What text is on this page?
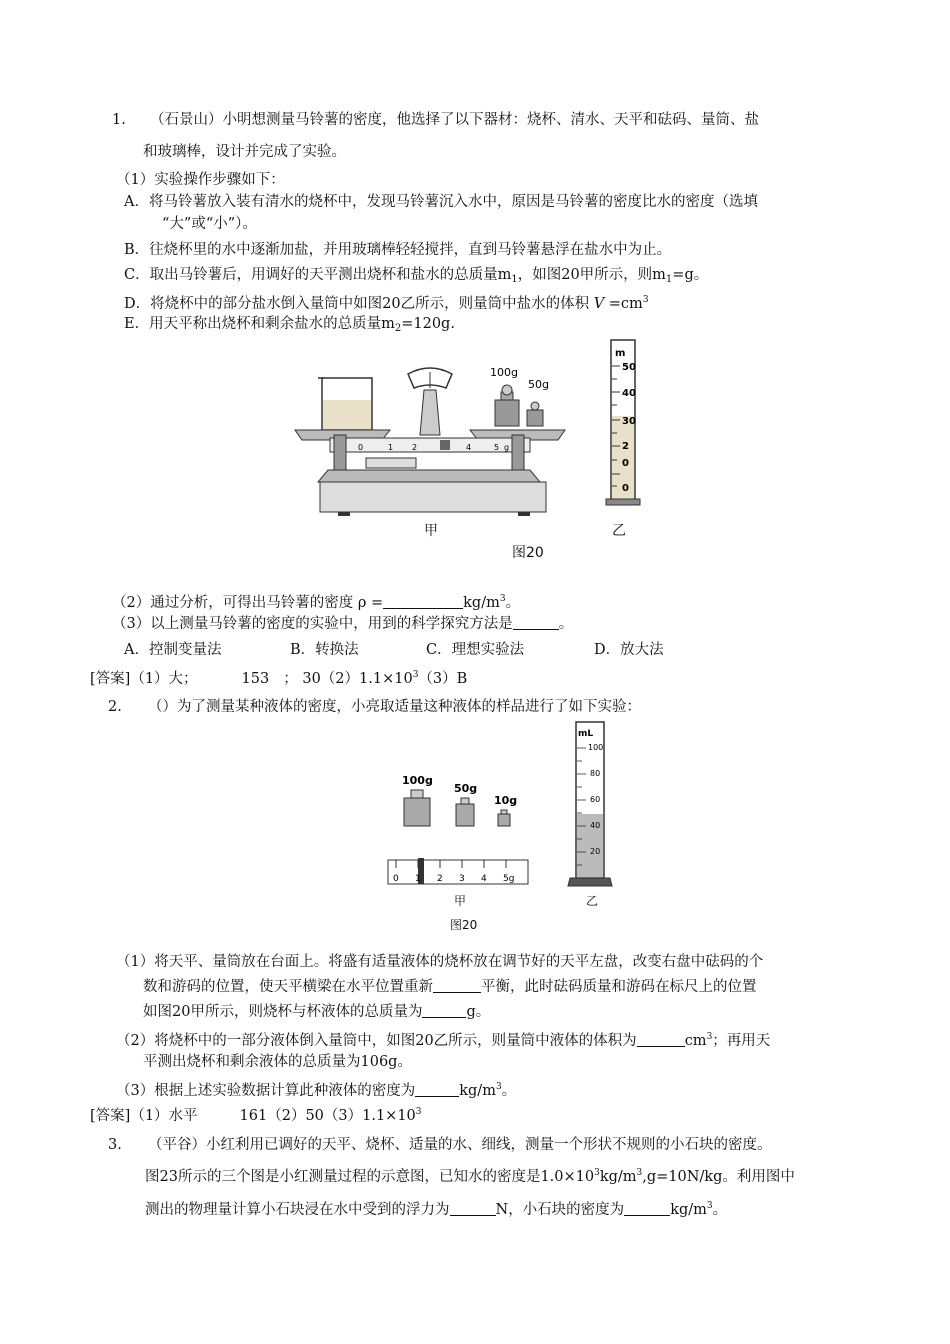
1. （石景山）小明想测量马铃薯的密度，他选择了以下器材：烧杯、清水、天平和砝码、量筒、盐
和玻璃棒，设计并完成了实验。
（1）实验操作步骤如下：
A．将马铃薯放入装有清水的烧杯中，发现马铃薯沉入水中，原因是马铃薯的密度比水的密度（选填
“大”或“小”）。
B．往烧杯里的水中逐渐加盐，并用玻璃棒轻轻搅拌，直到马铃薯悬浮在盐水中为止。
C．取出马铃薯后，用调好的天平测出烧杯和盐水的总质量$m_1$，如图20甲所示，则$m_1=g$。
D．将烧杯中的部分盐水倒入量筒中如图20乙所示，则量筒中盐水的体积 $V =cm^3$
E．用天平称出烧杯和剩余盐水的总质量$m_2=120g$.
100g
50g
0	1 2	4	5 g
m
50
40
30
2
0
0
甲	乙
图20
（2）通过分析，可得出马铃薯的密度 ρ =	$kg/m^3$。
（3）以上测量马铃薯的密度的实验中，用到的科学探究方法是	。
A．控制变量法	B．转换法	C．理想实验法	D．放大法
[答案]（1）大；	153 ； $30(2)1.1\times 10^3(3)B$
2. （）为了测量某种液体的密度，小亮取适量这种液体的样品进行了如下实验：
100g
50g
10g
0 1 2 3 4 5g
mL
100
80
60
40
20
甲	乙
图20
（1）将天平、量筒放在台面上。将盛有适量液体的烧杯放在调节好的天平左盘，改变右盘中砝码的个
数和游码的位置，使天平横梁在水平位置重新	平衡，此时砝码质量和游码在标尺上的位置
如图20甲所示，则烧杯与杯液体的总质量为	g。
（2）将烧杯中的一部分液体倒入量筒中，如图20乙所示，则量筒中液体的体积为	$cm^3$；再用天
平测出烧杯和剩余液体的总质量为106g。
（3）根据上述实验数据计算此种液体的密度为	$kg/m^3$。
[答案]（1）水平	$161(2)50(3)1.1\times 10^3$
3. （平谷）小红利用已调好的天平、烧杯、适量的水、细线，测量一个形状不规则的小石块的密度。
图23所示的三个图是小红测量过程的示意图，已知水的密度是$1.0\times 10^3kg/m^3,g=10N/kg$。利用图中
测出的物理量计算小石块浸在水中受到的浮力为	N，小石块的密度为	$kg/m^3$。
